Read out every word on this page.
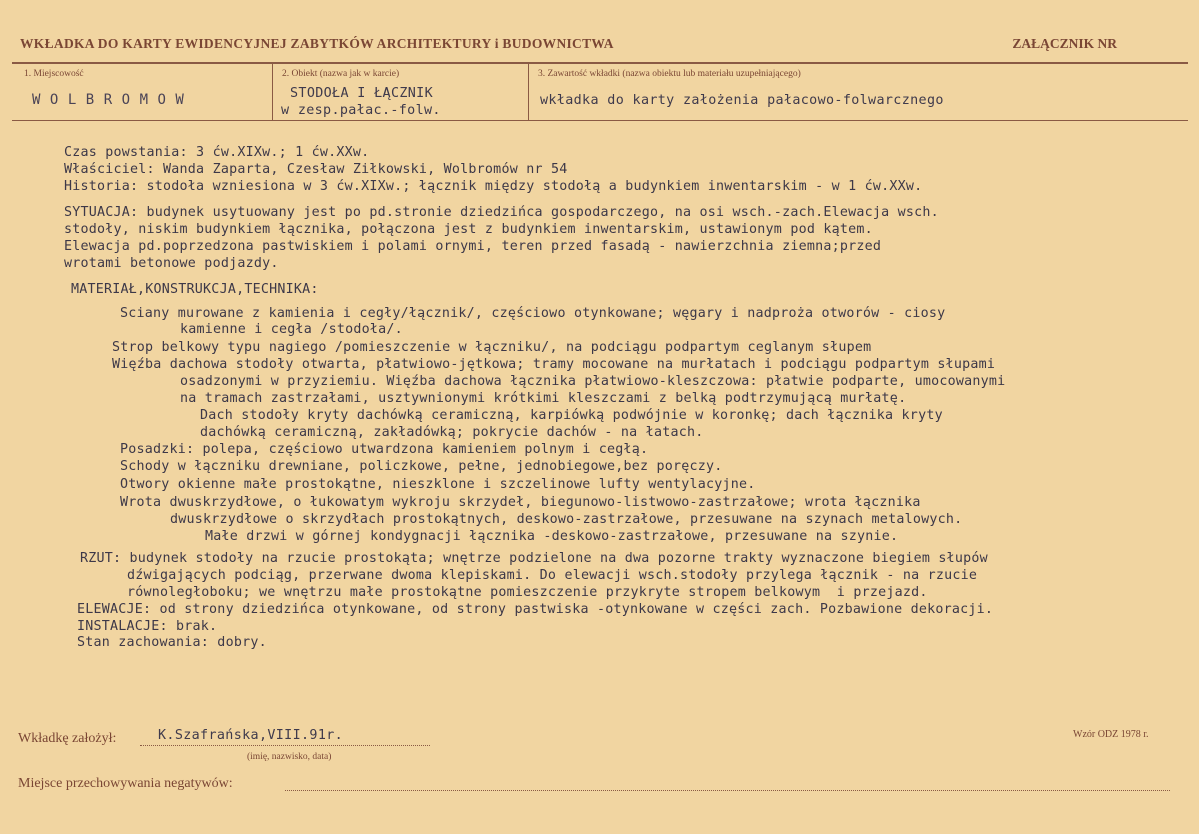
WKŁADKA DO KARTY EWIDENCYJNEJ ZABYTKÓW ARCHITEKTURY i BUDOWNICTWA	ZAŁĄCZNIK NR
1. Miejscowość
WOLBROMOW
2. Obiekt (nazwa jak w karcie)
STODOŁA I ŁĄCZNIK
w zesp.pałac.-folw.
3. Zawartość wkładki (nazwa obiektu lub materiału uzupełniającego)
wkładka do karty założenia pałacowo-folwarcznego
Czas powstania: 3 ćw.XIXw.; 1 ćw.XXw.
Właściciel: Wanda Zaparta, Czesław Ziłkowski, Wolbromów nr 54
Historia: stodoła wzniesiona w 3 ćw.XIXw.; łącznik między stodołą a budynkiem inwentarskim - w 1 ćw.XXw.
SYTUACJA: budynek usytuowany jest po pd.stronie dziedzińca gospodarczego, na osi wsch.-zach.Elewacja wsch.
stodoły, niskim budynkiem łącznika, połączona jest z budynkiem inwentarskim, ustawionym pod kątem.
Elewacja pd.poprzedzona pastwiskiem i polami ornymi, teren przed fasadą - nawierzchnia ziemna;przed
wrotami betonowe podjazdy.
MATERIAŁ,KONSTRUKCJA,TECHNIKA:
Sciany murowane z kamienia i cegły/łącznik/, częściowo otynkowane; węgary i nadproża otworów - ciosy
kamienne i cegła /stodoła/.
Strop belkowy typu nagiego /pomieszczenie w łączniku/, na podciągu podpartym ceglanym słupem
Więźba dachowa stodoły otwarta, płatwiowo-jętkowa; tramy mocowane na murłatach i podciągu podpartym słupami
osadzonymi w przyziemiu. Więźba dachowa łącznika płatwiowo-kleszczowa: płatwie podparte, umocowanymi
na tramach zastrzałami, usztywnionymi krótkimi kleszczami z belką podtrzymującą murłatę.
Dach stodoły kryty dachówką ceramiczną, karpiówką podwójnie w koronkę; dach łącznika kryty
dachówką ceramiczną, zakładówką; pokrycie dachów - na łatach.
Posadzki: polepa, częściowo utwardzona kamieniem polnym i cegłą.
Schody w łączniku drewniane, policzkowe, pełne, jednobiegowe,bez poręczy.
Otwory okienne małe prostokątne, nieszklone i szczelinowe lufty wentylacyjne.
Wrota dwuskrzydłowe, o łukowatym wykroju skrzydeł, biegunowo-listwowo-zastrzałowe; wrota łącznika
dwuskrzydłowe o skrzydłach prostokątnych, deskowo-zastrzałowe, przesuwane na szynach metalowych.
Małe drzwi w górnej kondygnacji łącznika -deskowo-zastrzałowe, przesuwane na szynie.
RZUT: budynek stodoły na rzucie prostokąta; wnętrze podzielone na dwa pozorne trakty wyznaczone biegiem słupów
dźwigających podciąg, przerwane dwoma klepiskami. Do elewacji wsch.stodoły przylega łącznik - na rzucie
równoległoboku; we wnętrzu małe prostokątne pomieszczenie przykryte stropem belkowym  i przejazd.
ELEWACJE: od strony dziedzińca otynkowane, od strony pastwiska -otynkowane w części zach. Pozbawione dekoracji.
INSTALACJE: brak.
Stan zachowania: dobry.
Wkładkę założył:	K.Szafrańska,VIII.91r.
(imię, nazwisko, data)
Wzór ODZ 1978 r.
Miejsce przechowywania negatywów:
